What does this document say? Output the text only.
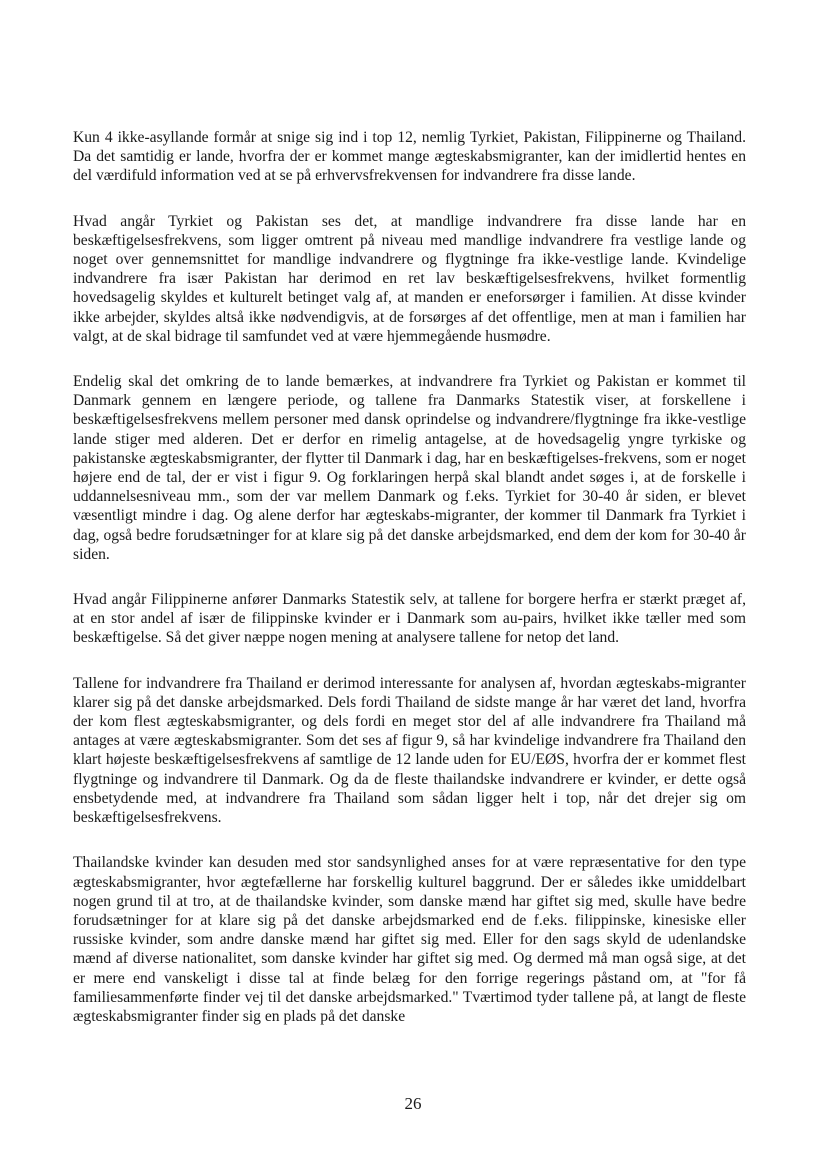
Kun 4 ikke-asyllande formår at snige sig ind i top 12, nemlig Tyrkiet, Pakistan, Filippinerne og Thailand. Da det samtidig er lande, hvorfra der er kommet mange ægteskabsmigranter, kan der imidlertid hentes en del værdifuld information ved at se på erhvervsfrekvensen for indvandrere fra disse lande.

Hvad angår Tyrkiet og Pakistan ses det, at mandlige indvandrere fra disse lande har en beskæftigelsesfrekvens, som ligger omtrent på niveau med mandlige indvandrere fra vestlige lande og noget over gennemsnittet for mandlige indvandrere og flygtninge fra ikke-vestlige lande. Kvindelige indvandrere fra især Pakistan har derimod en ret lav beskæftigelsesfrekvens, hvilket formentlig hovedsagelig skyldes et kulturelt betinget valg af, at manden er eneforsørger i familien. At disse kvinder ikke arbejder, skyldes altså ikke nødvendigvis, at de forsørges af det offentlige, men at man i familien har valgt, at de skal bidrage til samfundet ved at være hjemmegående husmødre.

Endelig skal det omkring de to lande bemærkes, at indvandrere fra Tyrkiet og Pakistan er kommet til Danmark gennem en længere periode, og tallene fra Danmarks Statestik viser, at forskellene i beskæftigelsesfrekvens mellem personer med dansk oprindelse og indvandrere/flygtninge fra ikke-vestlige lande stiger med alderen. Det er derfor en rimelig antagelse, at de hovedsagelig yngre tyrkiske og pakistanske ægteskabsmigranter, der flytter til Danmark i dag, har en beskæftigelses-frekvens, som er noget højere end de tal, der er vist i figur 9. Og forklaringen herpå skal blandt andet søges i, at de forskelle i uddannelsesniveau mm., som der var mellem Danmark og f.eks. Tyrkiet for 30-40 år siden, er blevet væsentligt mindre i dag. Og alene derfor har ægteskabs-migranter, der kommer til Danmark fra Tyrkiet i dag, også bedre forudsætninger for at klare sig på det danske arbejdsmarked, end dem der kom for 30-40 år siden.

Hvad angår Filippinerne anfører Danmarks Statestik selv, at tallene for borgere herfra er stærkt præget af, at en stor andel af især de filippinske kvinder er i Danmark som au-pairs, hvilket ikke tæller med som beskæftigelse. Så det giver næppe nogen mening at analysere tallene for netop det land.

Tallene for indvandrere fra Thailand er derimod interessante for analysen af, hvordan ægteskabs-migranter klarer sig på det danske arbejdsmarked. Dels fordi Thailand de sidste mange år har været det land, hvorfra der kom flest ægteskabsmigranter, og dels fordi en meget stor del af alle indvandrere fra Thailand må antages at være ægteskabsmigranter. Som det ses af figur 9, så har kvindelige indvandrere fra Thailand den klart højeste beskæftigelsesfrekvens af samtlige de 12 lande uden for EU/EØS, hvorfra der er kommet flest flygtninge og indvandrere til Danmark. Og da de fleste thailandske indvandrere er kvinder, er dette også ensbetydende med, at indvandrere fra Thailand som sådan ligger helt i top, når det drejer sig om beskæftigelsesfrekvens.

Thailandske kvinder kan desuden med stor sandsynlighed anses for at være repræsentative for den type ægteskabsmigranter, hvor ægtefællerne har forskellig kulturel baggrund. Der er således ikke umiddelbart nogen grund til at tro, at de thailandske kvinder, som danske mænd har giftet sig med, skulle have bedre forudsætninger for at klare sig på det danske arbejdsmarked end de f.eks. filippinske, kinesiske eller russiske kvinder, som andre danske mænd har giftet sig med. Eller for den sags skyld de udenlandske mænd af diverse nationalitet, som danske kvinder har giftet sig med. Og dermed må man også sige, at det er mere end vanskeligt i disse tal at finde belæg for den forrige regerings påstand om, at "for få familiesammenførte finder vej til det danske arbejdsmarked." Tværtimod tyder tallene på, at langt de fleste ægteskabsmigranter finder sig en plads på det danske

26
